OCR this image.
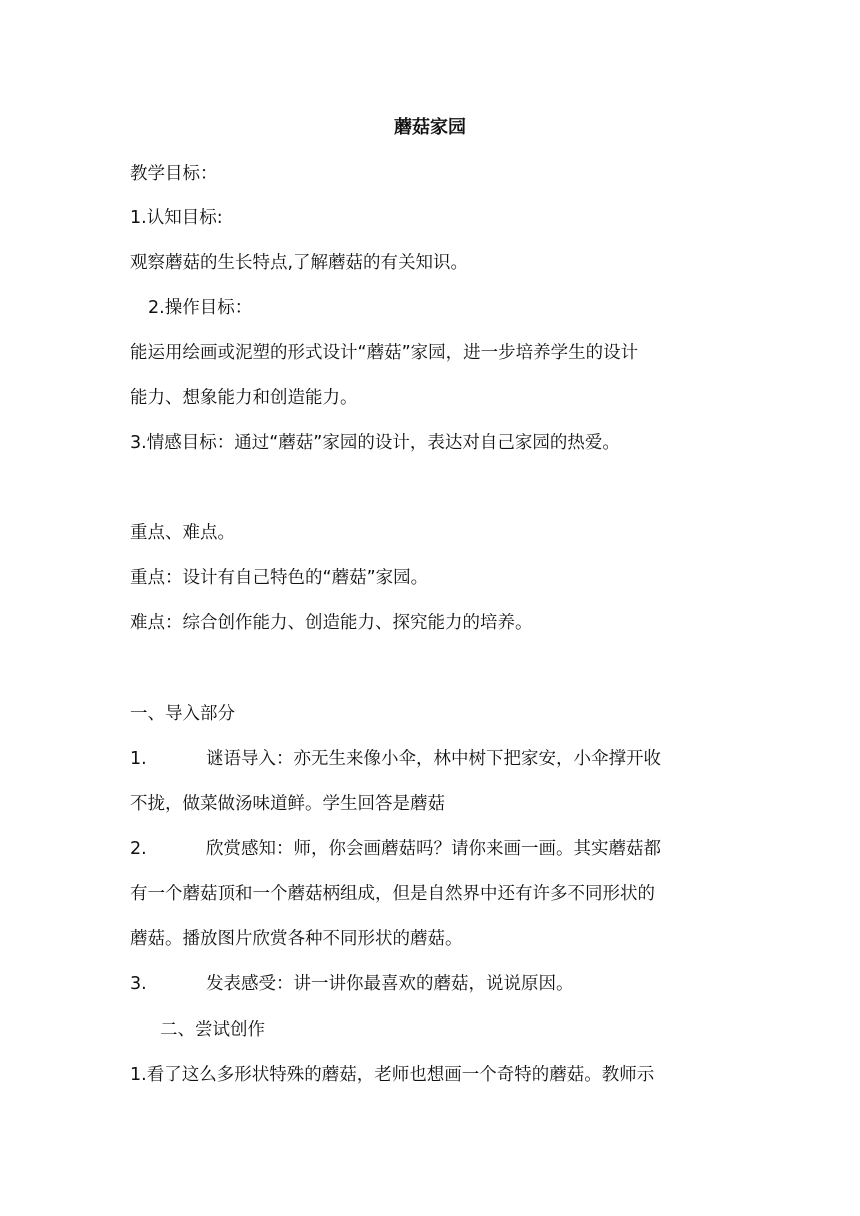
蘑菇家园
教学目标：
1.认知目标:
观察蘑菇的生长特点,了解蘑菇的有关知识。
2.操作目标：
能运用绘画或泥塑的形式设计“蘑菇”家园，进一步培养学生的设计
能力、想象能力和创造能力。
3.情感目标：通过“蘑菇”家园的设计，表达对自己家园的热爱。
重点、难点。
重点：设计有自己特色的“蘑菇”家园。
难点：综合创作能力、创造能力、探究能力的培养。
一、导入部分
1.	谜语导入：亦无生来像小伞，林中树下把家安，小伞撑开收
不拢，做菜做汤味道鲜。学生回答是蘑菇
2.	欣赏感知：师，你会画蘑菇吗？请你来画一画。其实蘑菇都
有一个蘑菇顶和一个蘑菇柄组成，但是自然界中还有许多不同形状的
蘑菇。播放图片欣赏各种不同形状的蘑菇。
3.	发表感受：讲一讲你最喜欢的蘑菇，说说原因。
二、尝试创作
1.看了这么多形状特殊的蘑菇，老师也想画一个奇特的蘑菇。教师示
